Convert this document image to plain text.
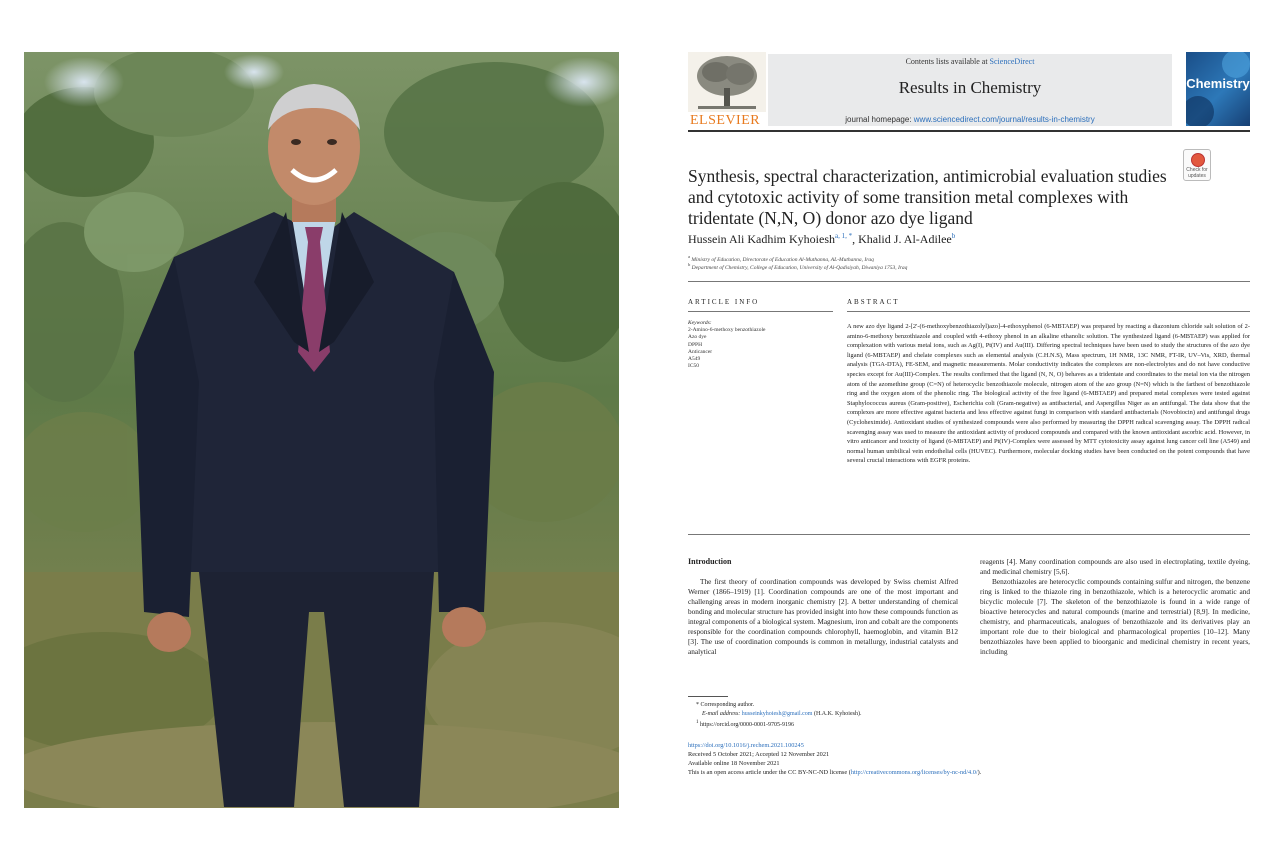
ELSEVIER
Contents lists available at ScienceDirect
Results in Chemistry
journal homepage: www.sciencedirect.com/journal/results-in-chemistry
Chemistry
Check for updates
Synthesis, spectral characterization, antimicrobial evaluation studies and cytotoxic activity of some transition metal complexes with tridentate (N,N, O) donor azo dye ligand
Hussein Ali Kadhim Kyhoiesh$^{a, 1, *}$, Khalid J. Al-Adilee$^b$
$^a$ Ministry of Education, Directorate of Education Al-Muthanna, AL-Muthanna, Iraq
$^b$ Department of Chemistry, College of Education, University of Al-Qadisiyah, Diwaniya 1753, Iraq
ARTICLE INFO	ABSTRACT
Keywords:
2-Amino-6-methoxy benzothiazole
Azo dye
DPPH
Anticancer
A549
IC50
A new azo dye ligand 2-[2′-(6-methoxybenzothiazolyl)azo]-4-ethoxyphenol (6-MBTAEP) was prepared by reacting a diazonium chloride salt solution of 2-amino-6-methoxy benzothiazole and coupled with 4-ethoxy phenol in an alkaline ethanolic solution. The synthesized ligand (6-MBTAEP) was applied for complexation with various metal ions, such as Ag(I), Pt(IV) and Au(III). Differing spectral techniques have been used to study the structures of the azo dye ligand (6-MBTAEP) and chelate complexes such as elemental analysis (C.H.N.S), Mass spectrum, 1H NMR, 13C NMR, FT-IR, UV–Vis, XRD, thermal analysis (TGA-DTA), FE-SEM, and magnetic measurements. Molar conductivity indicates the complexes are non-electrolytes and do not have conductive species except for Au(III)-Complex. The results confirmed that the ligand (N, N, O) behaves as a tridentate and coordinates to the metal ion via the nitrogen atom of the azomethine group (C=N) of heterocyclic benzothiazole molecule, nitrogen atom of the azo group (N=N) which is the farthest of benzothiazole ring and the oxygen atom of the phenolic ring. The biological activity of the free ligand (6-MBTAEP) and prepared metal complexes were tested against Staphylococcus aureus (Gram-positive), Escherichia coli (Gram-negative) as antibacterial, and Aspergillus Niger as an antifungal. The data show that the complexes are more effective against bacteria and less effective against fungi in comparison with standard antibacterials (Novobiocin) and antifungal drugs (Cycloheximide). Antioxidant studies of synthesized compounds were also performed by measuring the DPPH radical scavenging assay. The DPPH radical scavenging assay was used to measure the antioxidant activity of produced compounds and compared with the known antioxidant ascorbic acid. However, in vitro anticancer and toxicity of ligand (6-MBTAEP) and Pt(IV)-Complex were assessed by MTT cytotoxicity assay against lung cancer cell line (A549) and normal human umbilical vein endothelial cells (HUVEC). Furthermore, molecular docking studies have been conducted on the potent compounds that have several crucial interactions with EGFR proteins.
Introduction

The first theory of coordination compounds was developed by Swiss chemist Alfred Werner (1866–1919) [1]. Coordination compounds are one of the most important and challenging areas in modern inorganic chemistry [2]. A better understanding of chemical bonding and molecular structure has provided insight into how these compounds function as integral components of a biological system. Magnesium, iron and cobalt are the components responsible for the coordination compounds chlorophyll, haemoglobin, and vitamin B12 [3]. The use of coordination compounds is common in metallurgy, industrial catalysts and analytical

reagents [4]. Many coordination compounds are also used in electroplating, textile dyeing, and medicinal chemistry [5,6].

Benzothiazoles are heterocyclic compounds containing sulfur and nitrogen, the benzene ring is linked to the thiazole ring in benzothiazole, which is a heterocyclic aromatic and bicyclic molecule [7]. The skeleton of the benzothiazole is found in a wide range of bioactive heterocycles and natural compounds (marine and terrestrial) [8,9]. In medicine, chemistry, and pharmaceuticals, analogues of benzothiazole and its derivatives play an important role due to their biological and pharmacological properties [10–12]. Many benzothiazoles have been applied to bioorganic and medicinal chemistry in recent years, including

* Corresponding author.
E-mail address: husseinkyhoiesh@gmail.com (H.A.K. Kyhoiesh).
$^1$ https://orcid.org/0000-0001-9705-9196
https://doi.org/10.1016/j.rechem.2021.100245
Received 5 October 2021; Accepted 12 November 2021
Available online 18 November 2021
This is an open access article under the CC BY-NC-ND license (http://creativecommons.org/licenses/by-nc-nd/4.0/).
